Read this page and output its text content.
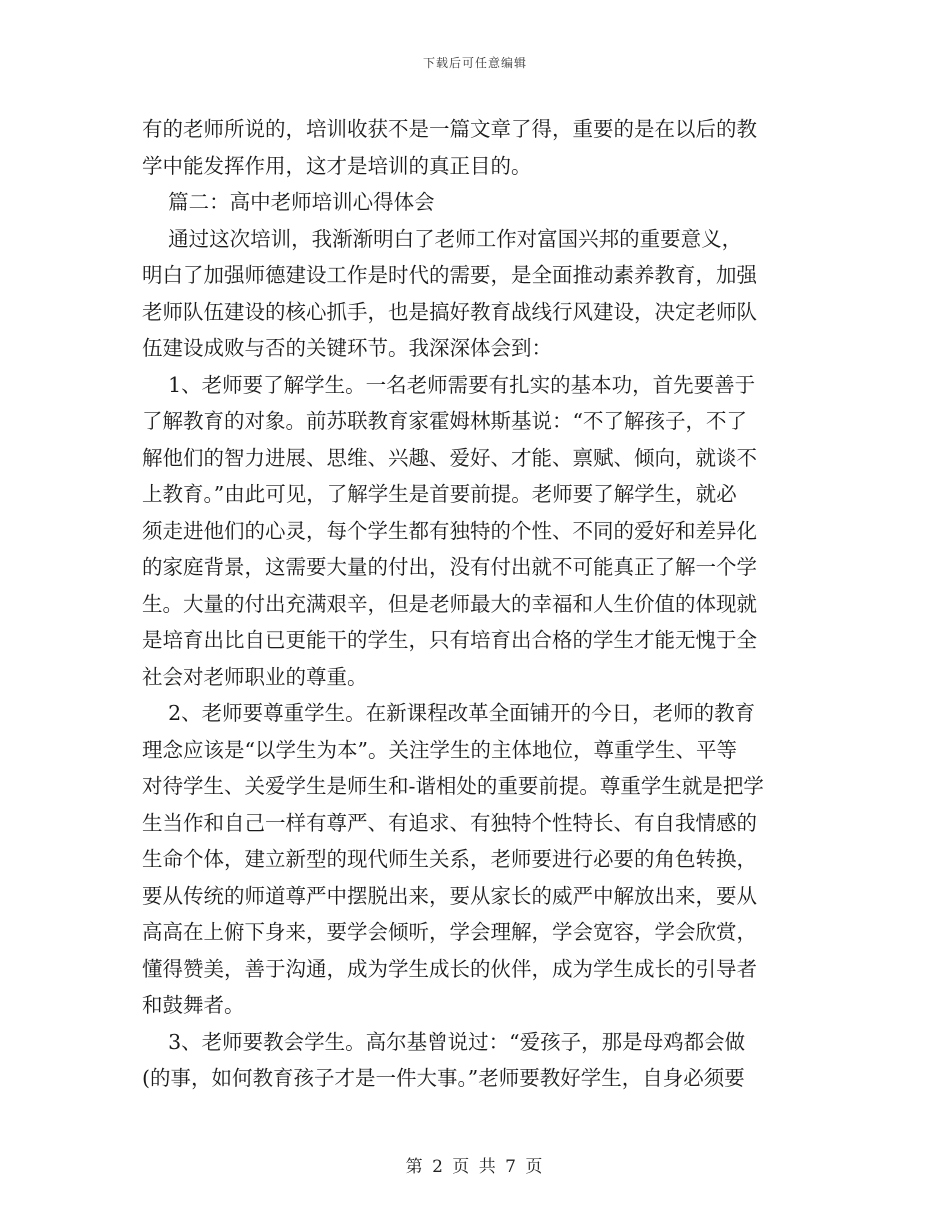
下载后可任意编辑
有的老师所说的，培训收获不是一篇文章了得，重要的是在以后的教
学中能发挥作用，这才是培训的真正目的。
篇二：高中老师培训心得体会
通过这次培训，我渐渐明白了老师工作对富国兴邦的重要意义，
明白了加强师德建设工作是时代的需要，是全面推动素养教育，加强
老师队伍建设的核心抓手，也是搞好教育战线行风建设，决定老师队
伍建设成败与否的关键环节。我深深体会到：
1、老师要了解学生。一名老师需要有扎实的基本功，首先要善于
了解教育的对象。前苏联教育家霍姆林斯基说：“不了解孩子，不了
解他们的智力进展、思维、兴趣、爱好、才能、禀赋、倾向，就谈不
上教育。”由此可见，了解学生是首要前提。老师要了解学生，就必
须走进他们的心灵，每个学生都有独特的个性、不同的爱好和差异化
的家庭背景，这需要大量的付出，没有付出就不可能真正了解一个学
生。大量的付出充满艰辛，但是老师最大的幸福和人生价值的体现就
是培育出比自已更能干的学生，只有培育出合格的学生才能无愧于全
社会对老师职业的尊重。
2、老师要尊重学生。在新课程改革全面铺开的今日，老师的教育
理念应该是“以学生为本”。关注学生的主体地位，尊重学生、平等
对待学生、关爱学生是师生和-谐相处的重要前提。尊重学生就是把学
生当作和自己一样有尊严、有追求、有独特个性特长、有自我情感的
生命个体，建立新型的现代师生关系，老师要进行必要的角色转换，
要从传统的师道尊严中摆脱出来，要从家长的威严中解放出来，要从
高高在上俯下身来，要学会倾听，学会理解，学会宽容，学会欣赏，
懂得赞美，善于沟通，成为学生成长的伙伴，成为学生成长的引导者
和鼓舞者。
3、老师要教会学生。高尔基曾说过：“爱孩子，那是母鸡都会做
(的事，如何教育孩子才是一件大事。”老师要教好学生，自身必须要
第 2 页 共 7 页
